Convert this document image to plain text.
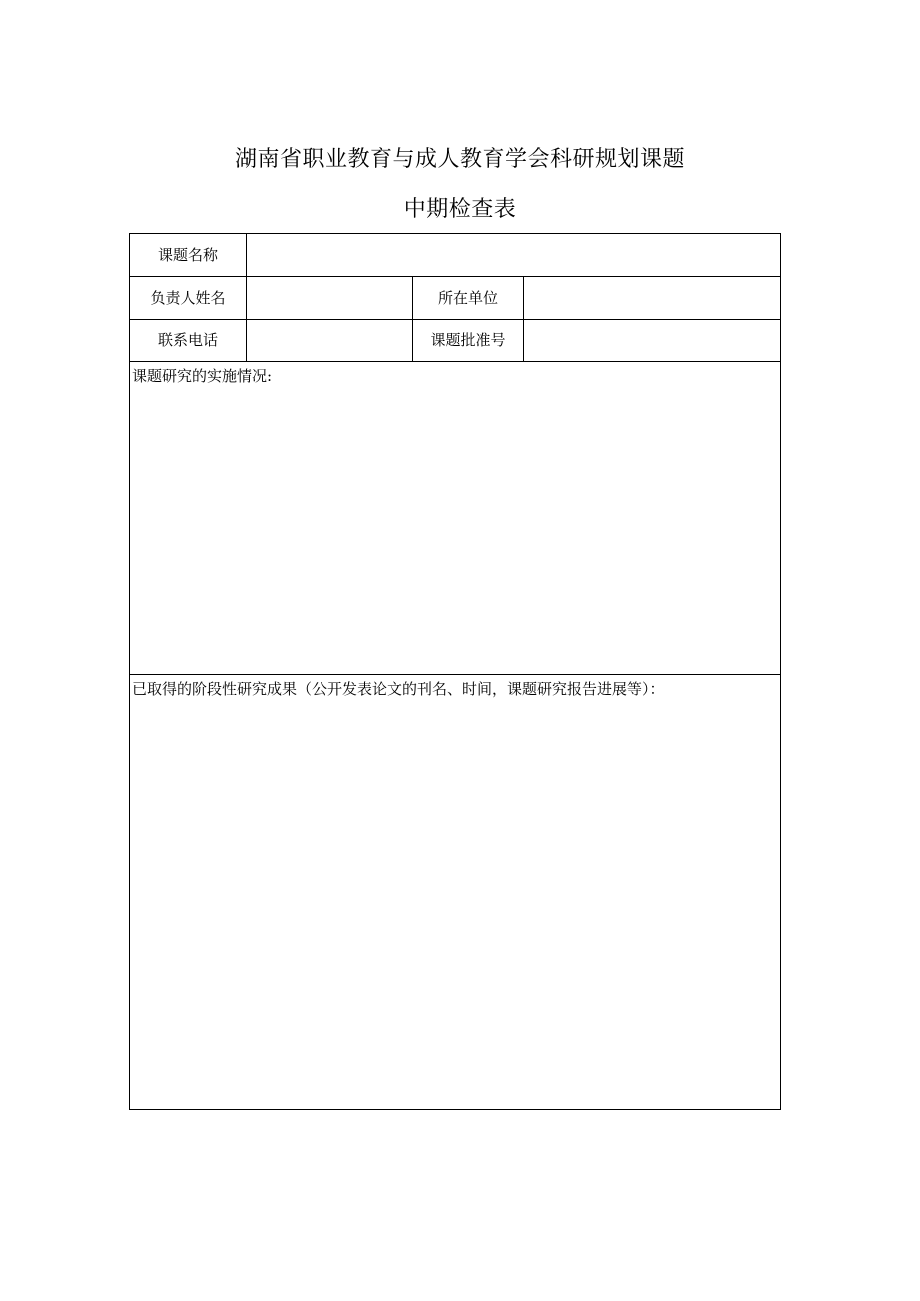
湖南省职业教育与成人教育学会科研规划课题
中期检查表
课题名称
负责人姓名	所在单位
联系电话	课题批准号
课题研究的实施情况:
已取得的阶段性研究成果（公开发表论文的刊名、时间，课题研究报告进展等）：
